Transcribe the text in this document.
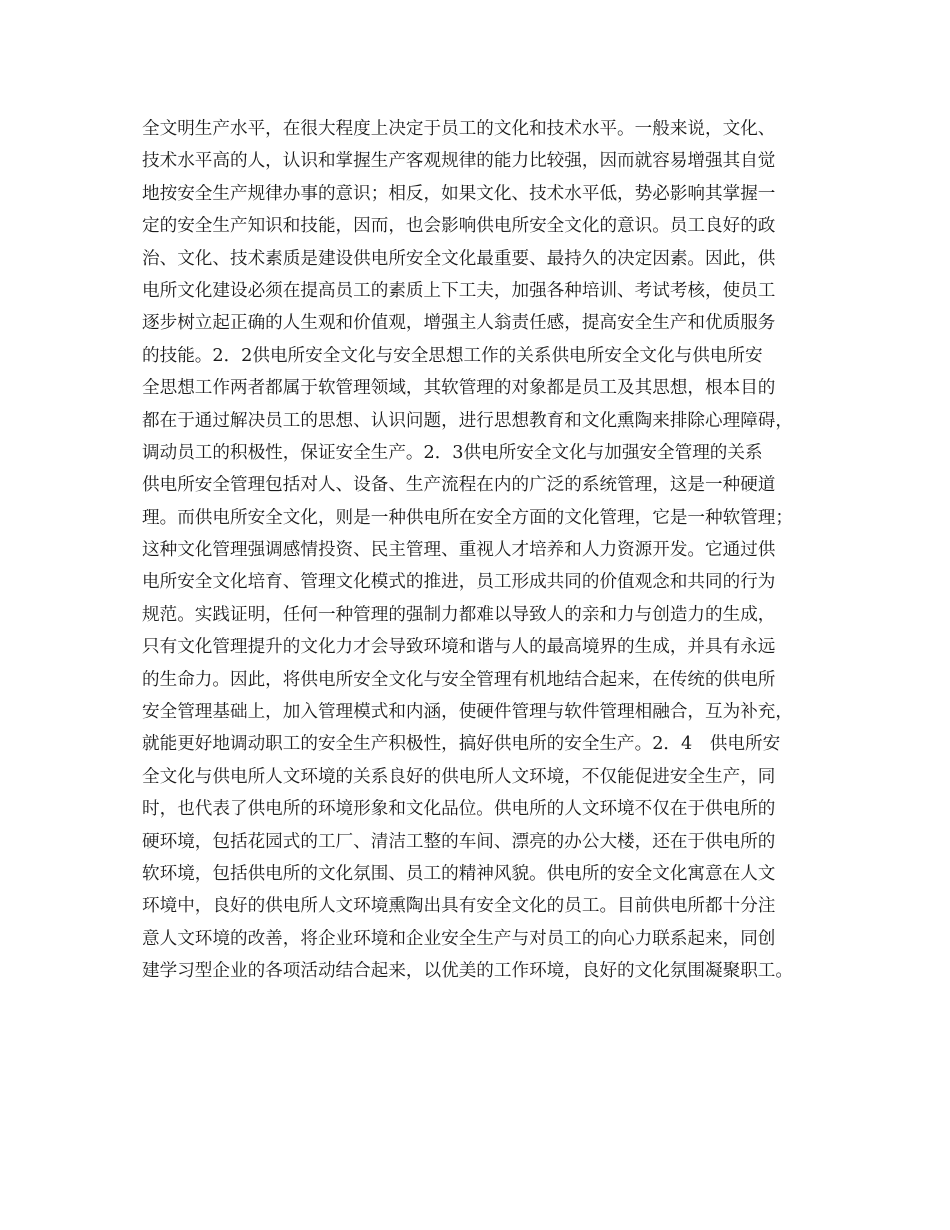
全文明生产水平，在很大程度上决定于员工的文化和技术水平。一般来说，文化、
技术水平高的人，认识和掌握生产客观规律的能力比较强，因而就容易增强其自觉
地按安全生产规律办事的意识；相反，如果文化、技术水平低，势必影响其掌握一
定的安全生产知识和技能，因而，也会影响供电所安全文化的意识。员工良好的政
治、文化、技术素质是建设供电所安全文化最重要、最持久的决定因素。因此，供
电所文化建设必须在提高员工的素质上下工夫，加强各种培训、考试考核，使员工
逐步树立起正确的人生观和价值观，增强主人翁责任感，提高安全生产和优质服务
的技能。2．2供电所安全文化与安全思想工作的关系供电所安全文化与供电所安
全思想工作两者都属于软管理领域，其软管理的对象都是员工及其思想，根本目的
都在于通过解决员工的思想、认识问题，进行思想教育和文化熏陶来排除心理障碍，
调动员工的积极性，保证安全生产。2．3供电所安全文化与加强安全管理的关系
供电所安全管理包括对人、设备、生产流程在内的广泛的系统管理，这是一种硬道
理。而供电所安全文化，则是一种供电所在安全方面的文化管理，它是一种软管理；
这种文化管理强调感情投资、民主管理、重视人才培养和人力资源开发。它通过供
电所安全文化培育、管理文化模式的推进，员工形成共同的价值观念和共同的行为
规范。实践证明，任何一种管理的强制力都难以导致人的亲和力与创造力的生成，
只有文化管理提升的文化力才会导致环境和谐与人的最高境界的生成，并具有永远
的生命力。因此，将供电所安全文化与安全管理有机地结合起来，在传统的供电所
安全管理基础上，加入管理模式和内涵，使硬件管理与软件管理相融合，互为补充，
就能更好地调动职工的安全生产积极性，搞好供电所的安全生产。2．4　供电所安
全文化与供电所人文环境的关系良好的供电所人文环境，不仅能促进安全生产，同
时，也代表了供电所的环境形象和文化品位。供电所的人文环境不仅在于供电所的
硬环境，包括花园式的工厂、清洁工整的车间、漂亮的办公大楼，还在于供电所的
软环境，包括供电所的文化氛围、员工的精神风貌。供电所的安全文化寓意在人文
环境中，良好的供电所人文环境熏陶出具有安全文化的员工。目前供电所都十分注
意人文环境的改善，将企业环境和企业安全生产与对员工的向心力联系起来，同创
建学习型企业的各项活动结合起来，以优美的工作环境，良好的文化氛围凝聚职工。
